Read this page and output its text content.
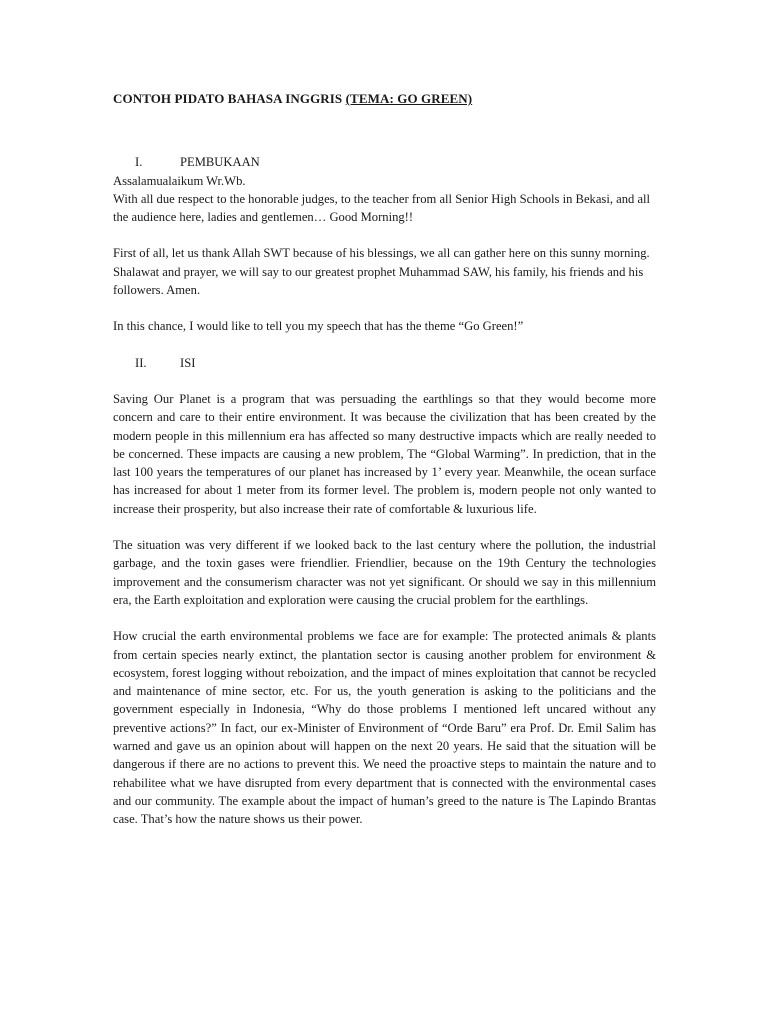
CONTOH PIDATO BAHASA INGGRIS (TEMA: GO GREEN)

I.	PEMBUKAAN

Assalamualaikum Wr.Wb.

With all due respect to the honorable judges, to the teacher from all Senior High Schools in Bekasi, and all the audience here, ladies and gentlemen… Good Morning!!

First of all, let us thank Allah SWT because of his blessings, we all can gather here on this sunny morning. Shalawat and prayer, we will say to our greatest prophet Muhammad SAW, his family, his friends and his followers. Amen.

In this chance, I would like to tell you my speech that has the theme “Go Green!”

II.	ISI

Saving Our Planet is a program that was persuading the earthlings so that they would become more concern and care to their entire environment. It was because the civilization that has been created by the modern people in this millennium era has affected so many destructive impacts which are really needed to be concerned. These impacts are causing a new problem, The “Global Warming”. In prediction, that in the last 100 years the temperatures of our planet has increased by 1’ every year. Meanwhile, the ocean surface has increased for about 1 meter from its former level. The problem is, modern people not only wanted to increase their prosperity, but also increase their rate of comfortable & luxurious life.

The situation was very different if we looked back to the last century where the pollution, the industrial garbage, and the toxin gases were friendlier. Friendlier, because on the 19th Century the technologies improvement and the consumerism character was not yet significant. Or should we say in this millennium era, the Earth exploitation and exploration were causing the crucial problem for the earthlings.

How crucial the earth environmental problems we face are for example: The protected animals & plants from certain species nearly extinct, the plantation sector is causing another problem for environment & ecosystem, forest logging without reboization, and the impact of mines exploitation that cannot be recycled and maintenance of mine sector, etc. For us, the youth generation is asking to the politicians and the government especially in Indonesia, “Why do those problems I mentioned left uncared without any preventive actions?” In fact, our ex-Minister of Environment of “Orde Baru” era Prof. Dr. Emil Salim has warned and gave us an opinion about will happen on the next 20 years. He said that the situation will be dangerous if there are no actions to prevent this. We need the proactive steps to maintain the nature and to rehabilitee what we have disrupted from every department that is connected with the environmental cases and our community. The example about the impact of human’s greed to the nature is The Lapindo Brantas case. That’s how the nature shows us their power.
